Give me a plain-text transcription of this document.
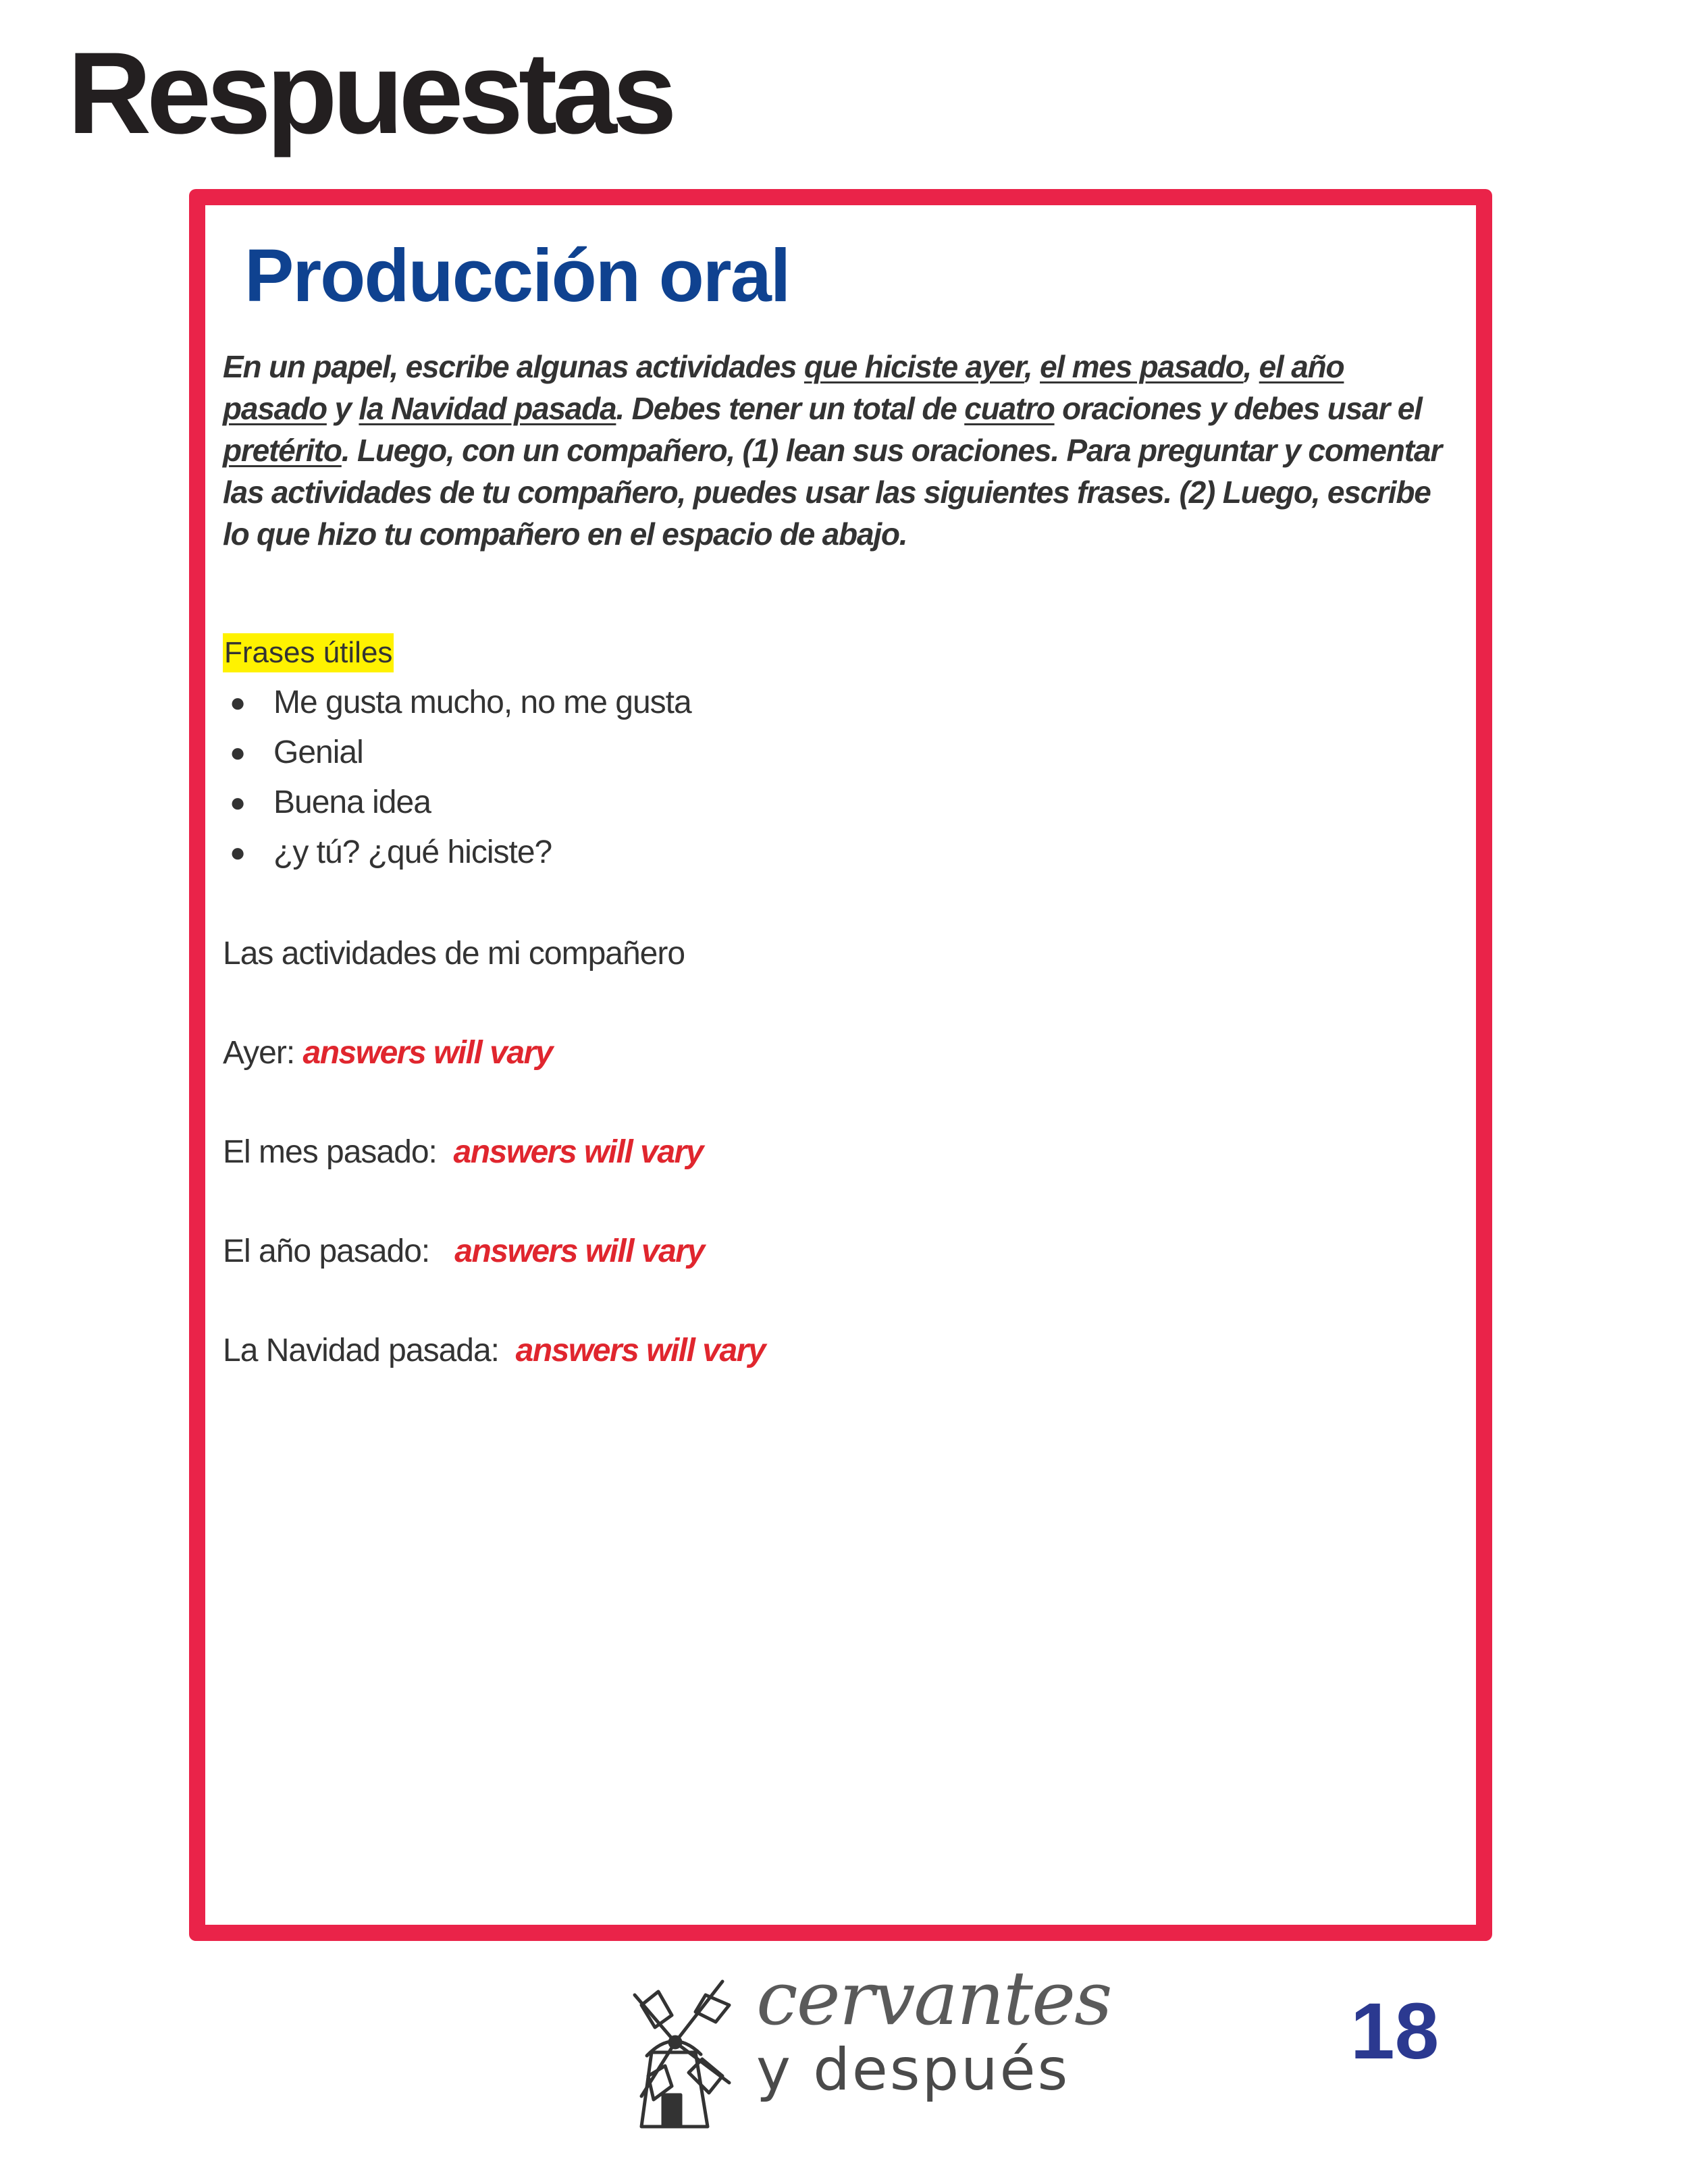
Respuestas
Producción oral

En un papel, escribe algunas actividades que hiciste ayer, el mes pasado, el año pasado y la Navidad pasada. Debes tener un total de cuatro oraciones y debes usar el pretérito. Luego, con un compañero, (1) lean sus oraciones. Para preguntar y comentar las actividades de tu compañero, puedes usar las siguientes frases. (2) Luego, escribe lo que hizo tu compañero en el espacio de abajo.

Frases útiles

● Me gusta mucho, no me gusta
● Genial
● Buena idea
● ¿y tú? ¿qué hiciste?

Las actividades de mi compañero

Ayer: answers will vary

El mes pasado: answers will vary

El año pasado: answers will vary

La Navidad pasada: answers will vary

cervantes
y después	18
